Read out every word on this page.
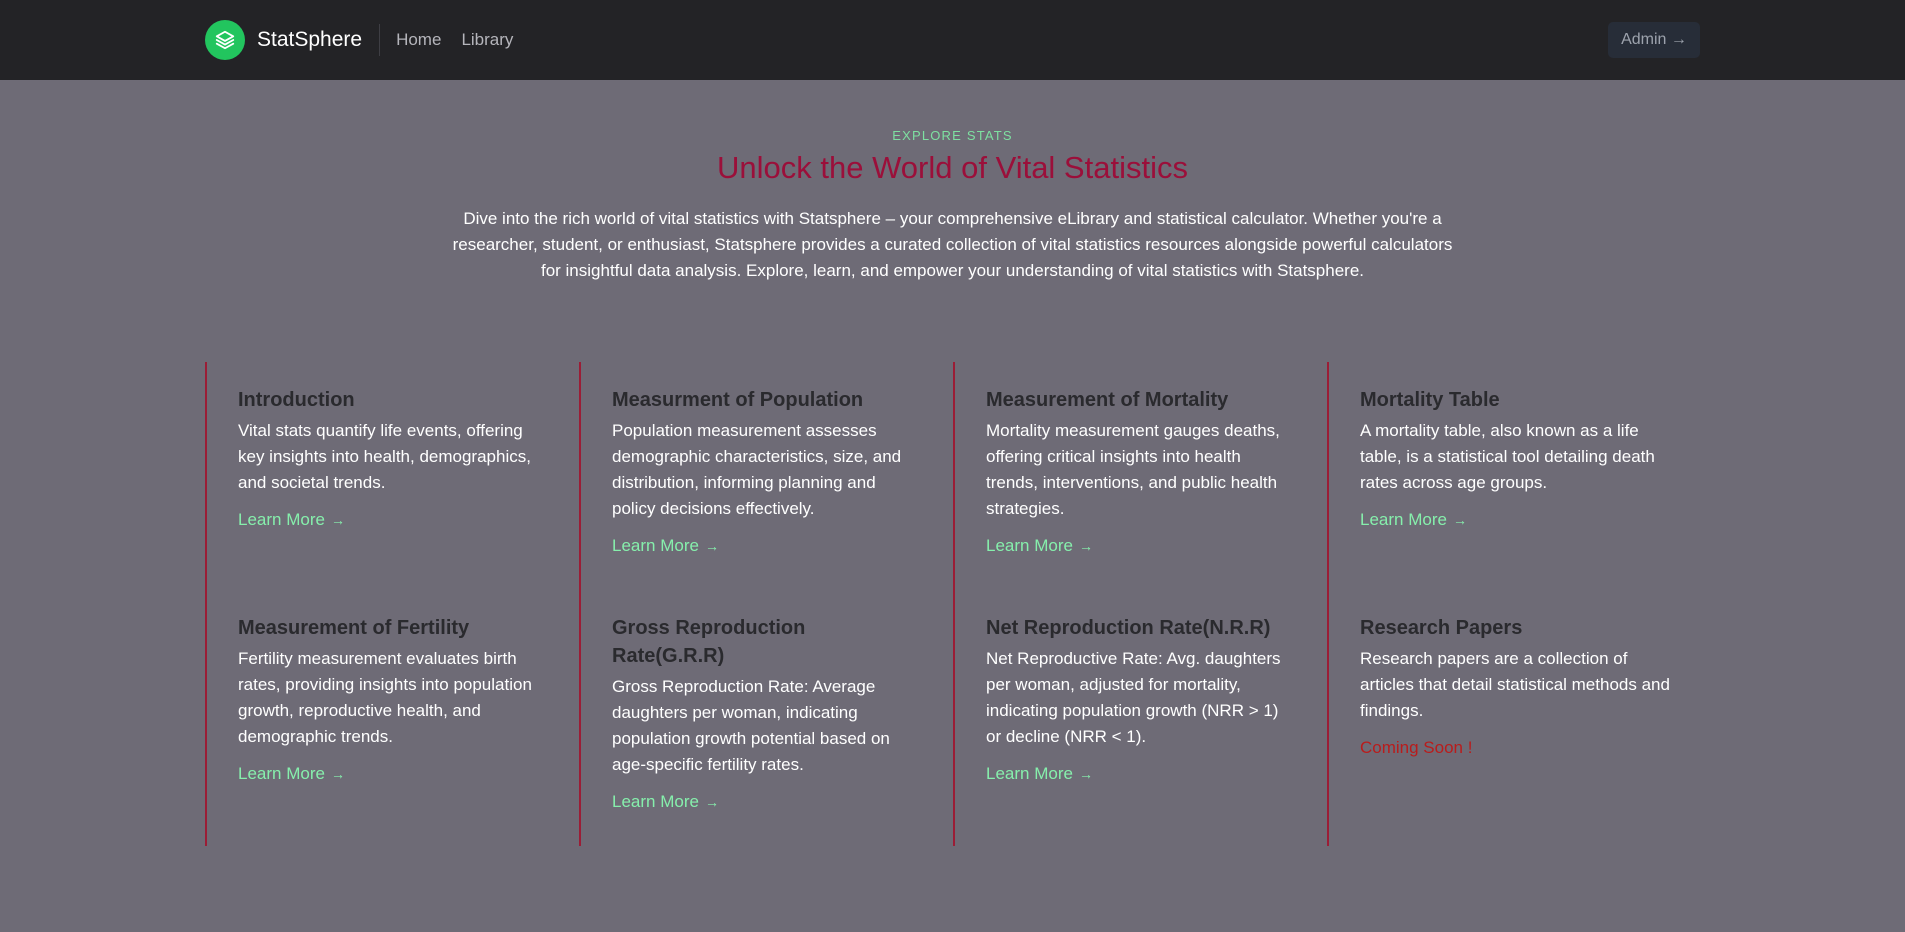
StatSphere Home Library	Admin →
EXPLORE STATS
Unlock the World of Vital Statistics

Dive into the rich world of vital statistics with Statsphere – your comprehensive eLibrary and statistical calculator. Whether you're a researcher, student, or enthusiast, Statsphere provides a curated collection of vital statistics resources alongside powerful calculators for insightful data analysis. Explore, learn, and empower your understanding of vital statistics with Statsphere.

Introduction
Vital stats quantify life events, offering key insights into health, demographics, and societal trends.
Learn More →
Measurment of Population
Population measurement assesses demographic characteristics, size, and distribution, informing planning and policy decisions effectively.
Learn More →
Measurement of Mortality
Mortality measurement gauges deaths, offering critical insights into health trends, interventions, and public health strategies.
Learn More →
Mortality Table
A mortality table, also known as a life table, is a statistical tool detailing death rates across age groups.
Learn More →
Measurement of Fertility
Fertility measurement evaluates birth rates, providing insights into population growth, reproductive health, and demographic trends.
Learn More →
Gross Reproduction Rate(G.R.R)
Gross Reproduction Rate: Average daughters per woman, indicating population growth potential based on age-specific fertility rates.
Learn More →
Net Reproduction Rate(N.R.R)
Net Reproductive Rate: Avg. daughters per woman, adjusted for mortality, indicating population growth (NRR > 1) or decline (NRR < 1).
Learn More →
Research Papers
Research papers are a collection of articles that detail statistical methods and findings.
Coming Soon !
